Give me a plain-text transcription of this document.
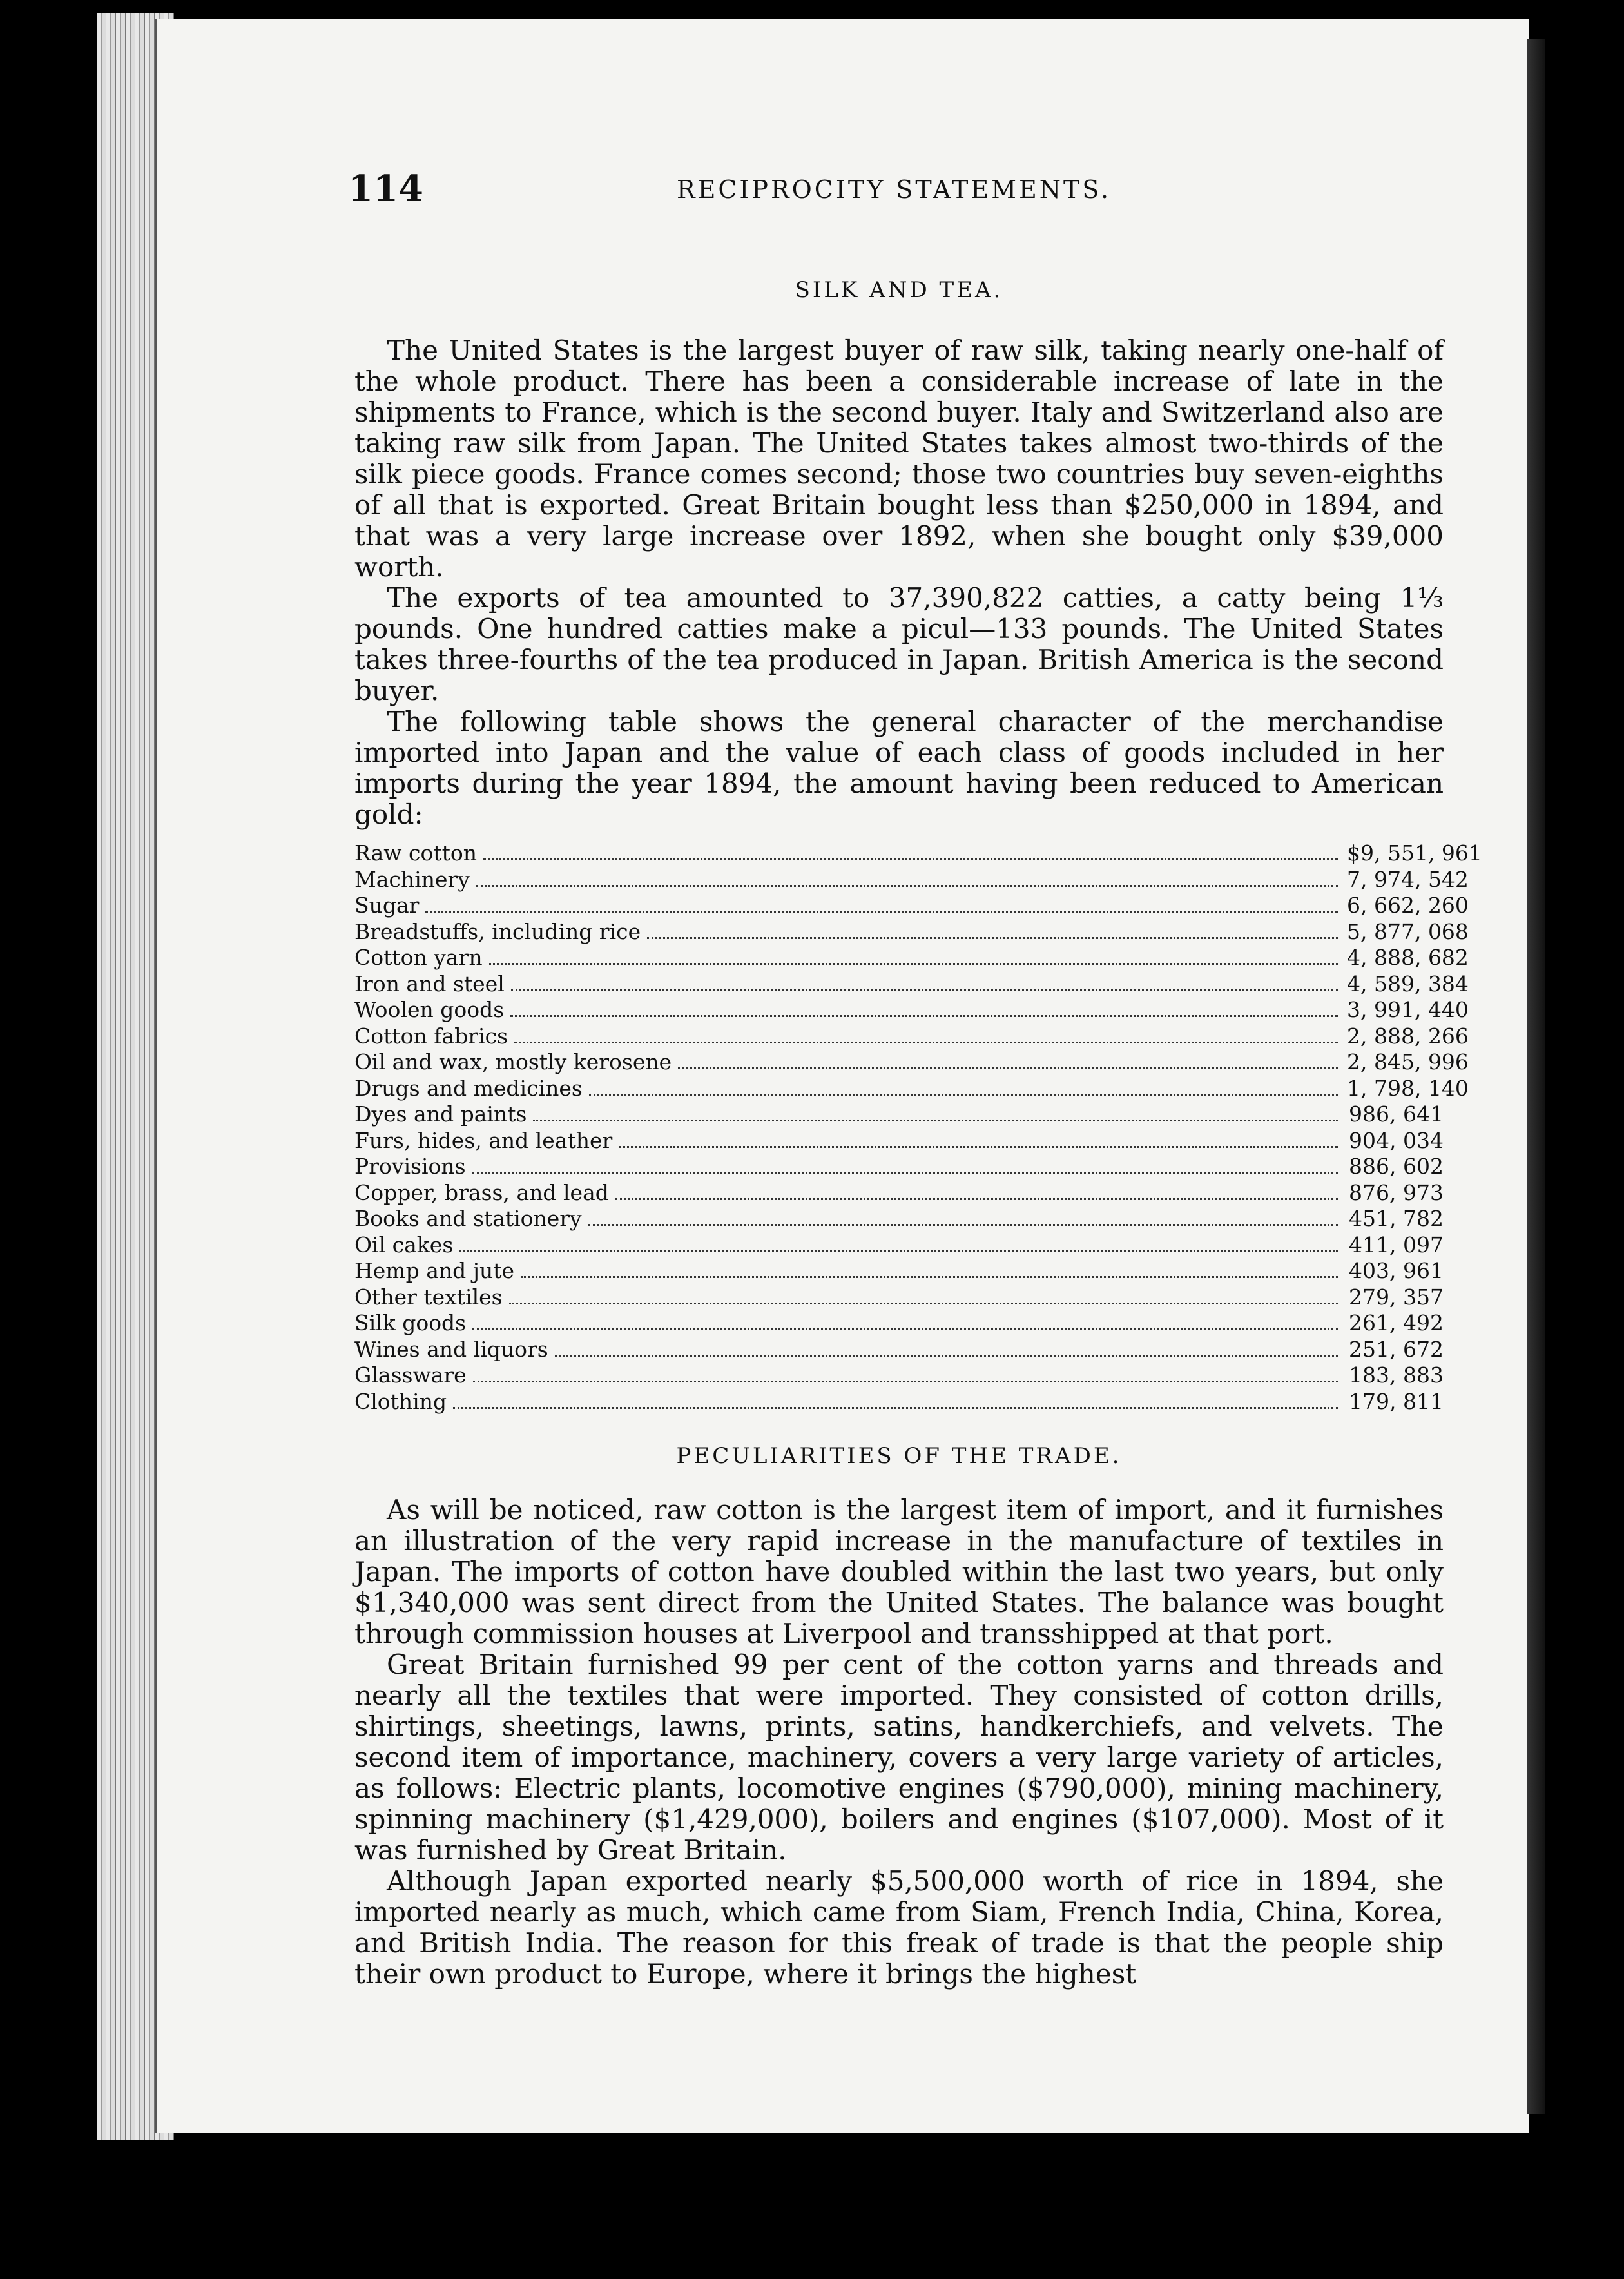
114	RECIPROCITY STATEMENTS.
SILK AND TEA.

The United States is the largest buyer of raw silk, taking nearly one-half of the whole product. There has been a considerable increase of late in the shipments to France, which is the second buyer. Italy and Switzerland also are taking raw silk from Japan. The United States takes almost two-thirds of the silk piece goods. France comes second; those two countries buy seven-eighths of all that is exported. Great Britain bought less than $250,000 in 1894, and that was a very large increase over 1892, when she bought only $39,000 worth.

The exports of tea amounted to 37,390,822 catties, a catty being 1⅓ pounds. One hundred catties make a picul—133 pounds. The United States takes three-fourths of the tea produced in Japan. British America is the second buyer.

The following table shows the general character of the merchandise imported into Japan and the value of each class of goods included in her imports during the year 1894, the amount having been reduced to American gold:

Raw cotton	$9, 551, 961
Machinery	7, 974, 542
Sugar	6, 662, 260
Breadstuffs, including rice	5, 877, 068
Cotton yarn	4, 888, 682
Iron and steel	4, 589, 384
Woolen goods	3, 991, 440
Cotton fabrics	2, 888, 266
Oil and wax, mostly kerosene	2, 845, 996
Drugs and medicines	1, 798, 140
Dyes and paints	986, 641
Furs, hides, and leather	904, 034
Provisions	886, 602
Copper, brass, and lead	876, 973
Books and stationery	451, 782
Oil cakes	411, 097
Hemp and jute	403, 961
Other textiles	279, 357
Silk goods	261, 492
Wines and liquors	251, 672
Glassware	183, 883
Clothing	179, 811
PECULIARITIES OF THE TRADE.

As will be noticed, raw cotton is the largest item of import, and it furnishes an illustration of the very rapid increase in the manufacture of textiles in Japan. The imports of cotton have doubled within the last two years, but only $1,340,000 was sent direct from the United States. The balance was bought through commission houses at Liverpool and transshipped at that port.

Great Britain furnished 99 per cent of the cotton yarns and threads and nearly all the textiles that were imported. They consisted of cotton drills, shirtings, sheetings, lawns, prints, satins, handkerchiefs, and velvets. The second item of importance, machinery, covers a very large variety of articles, as follows: Electric plants, locomotive engines ($790,000), mining machinery, spinning machinery ($1,429,000), boilers and engines ($107,000). Most of it was furnished by Great Britain.

Although Japan exported nearly $5,500,000 worth of rice in 1894, she imported nearly as much, which came from Siam, French India, China, Korea, and British India. The reason for this freak of trade is that the people ship their own product to Europe, where it brings the highest
